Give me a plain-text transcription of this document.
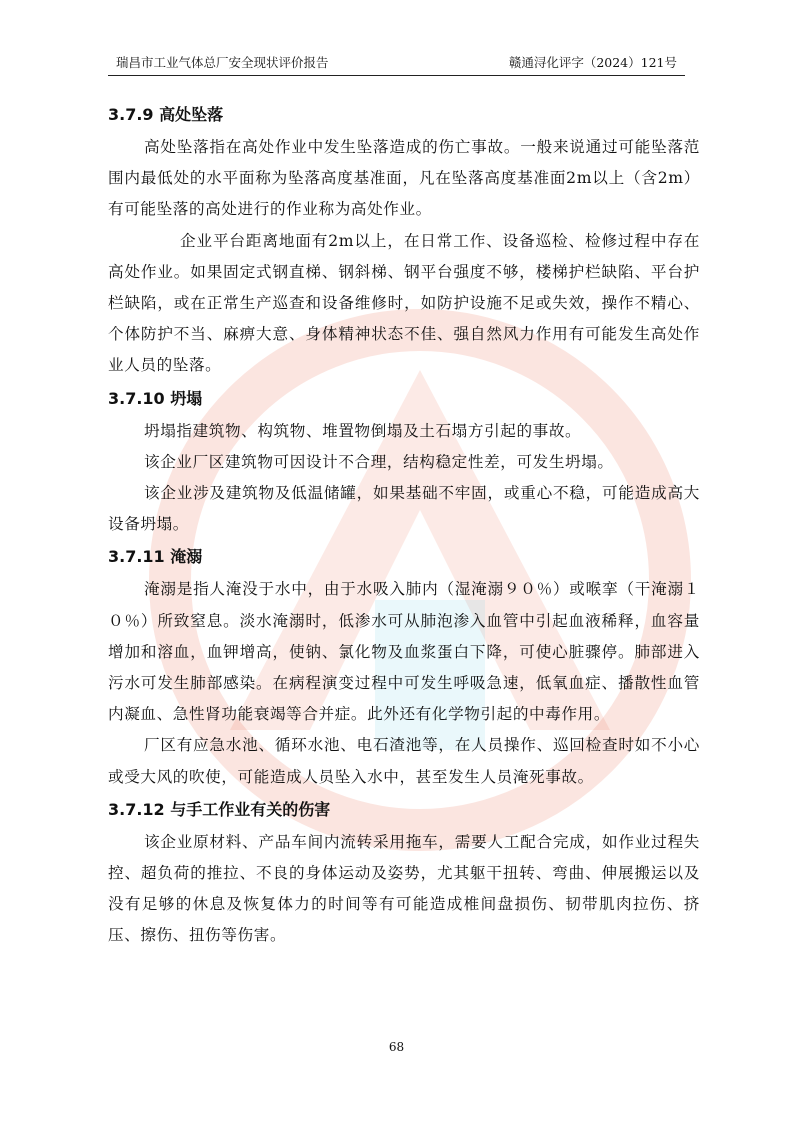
瑞昌市工业气体总厂安全现状评价报告	赣通浔化评字（2024）121号
3.7.9 高处坠落

高处坠落指在高处作业中发生坠落造成的伤亡事故。一般来说通过可能坠落范围内最低处的水平面称为坠落高度基准面，凡在坠落高度基准面2m以上（含2m）有可能坠落的高处进行的作业称为高处作业。

企业平台距离地面有2m以上，在日常工作、设备巡检、检修过程中存在高处作业。如果固定式钢直梯、钢斜梯、钢平台强度不够，楼梯护栏缺陷、平台护栏缺陷，或在正常生产巡查和设备维修时，如防护设施不足或失效，操作不精心、个体防护不当、麻痹大意、身体精神状态不佳、强自然风力作用有可能发生高处作业人员的坠落。

3.7.10 坍塌

坍塌指建筑物、构筑物、堆置物倒塌及土石塌方引起的事故。

该企业厂区建筑物可因设计不合理，结构稳定性差，可发生坍塌。

该企业涉及建筑物及低温储罐，如果基础不牢固，或重心不稳，可能造成高大设备坍塌。

3.7.11 淹溺

淹溺是指人淹没于水中，由于水吸入肺内（湿淹溺９０％）或喉挛（干淹溺１０％）所致窒息。淡水淹溺时，低渗水可从肺泡渗入血管中引起血液稀释，血容量增加和溶血，血钾增高，使钠、氯化物及血浆蛋白下降，可使心脏骤停。肺部进入污水可发生肺部感染。在病程演变过程中可发生呼吸急速，低氧血症、播散性血管内凝血、急性肾功能衰竭等合并症。此外还有化学物引起的中毒作用。

厂区有应急水池、循环水池、电石渣池等，在人员操作、巡回检查时如不小心或受大风的吹使，可能造成人员坠入水中，甚至发生人员淹死事故。

3.7.12 与手工作业有关的伤害

该企业原材料、产品车间内流转采用拖车，需要人工配合完成，如作业过程失控、超负荷的推拉、不良的身体运动及姿势，尤其躯干扭转、弯曲、伸展搬运以及没有足够的休息及恢复体力的时间等有可能造成椎间盘损伤、韧带肌肉拉伤、挤压、擦伤、扭伤等伤害。

68
